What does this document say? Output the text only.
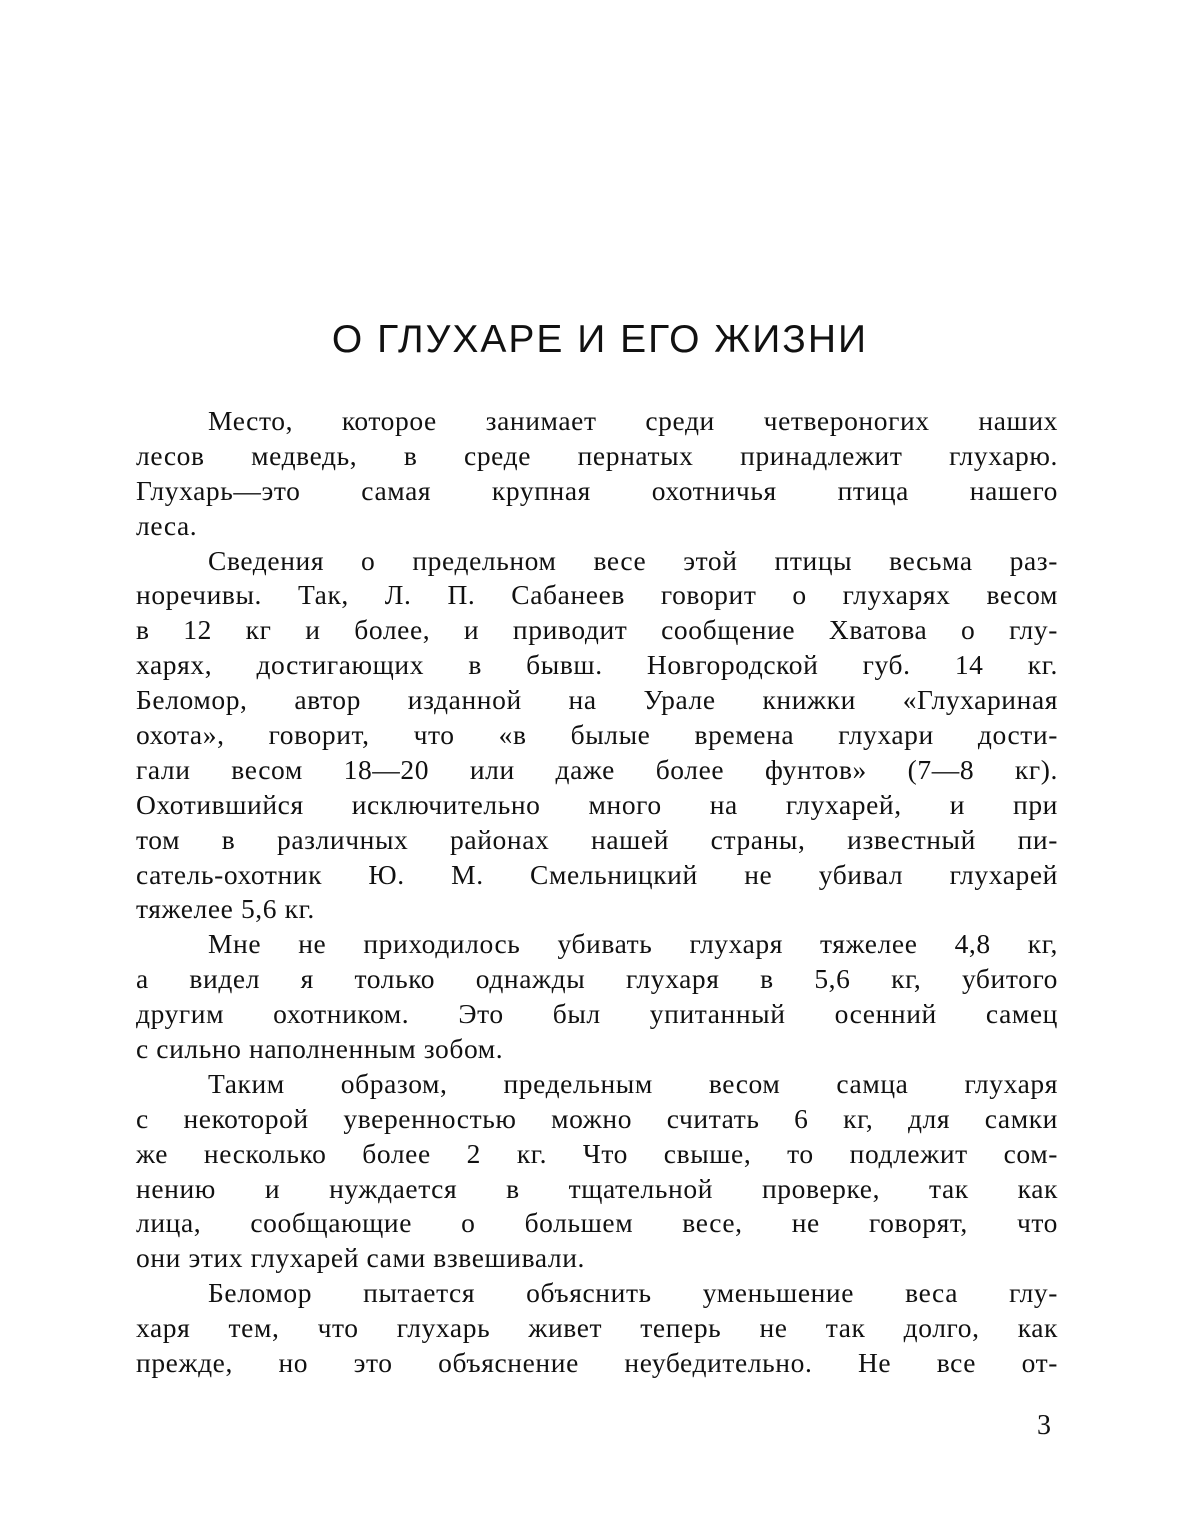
О ГЛУХАРЕ И ЕГО ЖИЗНИ
Место, которое занимает среди четвероногих наших
лесов медведь, в среде пернатых принадлежит глухарю.
Глухарь—это самая крупная охотничья птица нашего
леса.
Сведения о предельном весе этой птицы весьма раз-
норечивы. Так, Л. П. Сабанеев говорит о глухарях весом
в 12 кг и более, и приводит сообщение Хватова о глу-
харях, достигающих в бывш. Новгородской губ. 14 кг.
Беломор, автор изданной на Урале книжки «Глухариная
охота», говорит, что «в былые времена глухари дости-
гали весом 18—20 или даже более фунтов» (7—8 кг).
Охотившийся исключительно много на глухарей, и при
том в различных районах нашей страны, известный пи-
сатель-охотник Ю. М. Смельницкий не убивал глухарей
тяжелее 5,6 кг.
Мне не приходилось убивать глухаря тяжелее 4,8 кг,
а видел я только однажды глухаря в 5,6 кг, убитого
другим охотником. Это был упитанный осенний самец
с сильно наполненным зобом.
Таким образом, предельным весом самца глухаря
с некоторой уверенностью можно считать 6 кг, для самки
же несколько более 2 кг. Что свыше, то подлежит сом-
нению и нуждается в тщательной проверке, так как
лица, сообщающие о большем весе, не говорят, что
они этих глухарей сами взвешивали.
Беломор пытается объяснить уменьшение веса глу-
харя тем, что глухарь живет теперь не так долго, как
прежде, но это объяснение неубедительно. Не все от-
3
